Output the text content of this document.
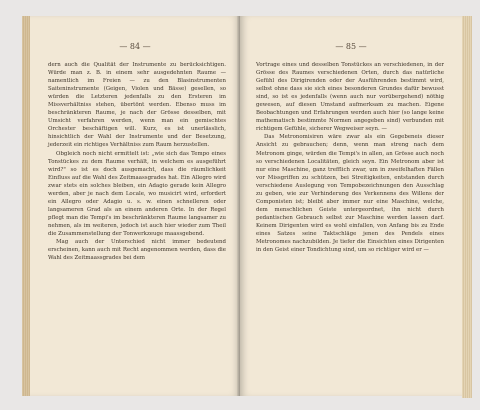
— 84 —

dern auch die Qualität der Instrumente zu berücksichtigen. Würde man z. B. in einem sehr ausgedehnten Raume — namentlich im Freien — zu den Blasinstrumenten Saiteninstrumente (Geigen, Violen und Bässe) gesellen, so würden die Letzteren jedenfalls zu den Ersteren im Missverhältniss stehen, übertönt werden. Ebenso muss im beschränkteren Raume, je nach der Grösse desselben, mit Umsicht verfahren werden, wenn man ein gemischtes Orchester beschäftigen will. Kurz, es ist unerlässlich, hinsichtlich der Wahl der Instrumente und der Besetzung, jederzeit ein richtiges Verhältniss zum Raum herzustellen.

Obgleich noch nicht ermittelt ist: „wie sich das Tempo eines Tonstückes zu dem Raume verhält, in welchem es ausgeführt wird?" so ist es doch ausgemacht, dass die räumlichkeit Einfluss auf die Wahl des Zeitmaassgrades hat. Ein Allegro wird zwar stets ein solches bleiben, ein Adagio gerade kein Allegro werden, aber je nach dem Locale, wo musicirt wird, erfordert ein Allegro oder Adagio u. s. w. einen schnelleren oder langsameren Grad als an einem anderen Orte. In der Regel pflegt man die Tempi's im beschränkteren Raume langsamer zu nehmen, als im weiteren, jedoch ist auch hier wieder zum Theil die Zusammenstellung der Tonwerkzeuge maassgebend.

Mag auch der Unterschied nicht immer bedeutend erscheinen, kann auch mit Recht angenommen werden, dass die Wahl des Zeitmaassgrades bei dem

— 85 —

Vortrage eines und desselben Tonstückes an verschiedenen, in der Grösse des Raumes verschiedenen Orten, durch das natürliche Gefühl des Dirigirenden oder der Ausführenden bestimmt wird, selbst ohne dass sie sich eines besonderen Grundes dafür bewusst sind, so ist es jedenfalls (wenn auch nur vorübergehend) nöthig gewesen, auf diesen Umstand aufmerksam zu machen. Eigene Beobachtungen und Erfahrungen werden auch hier (so lange keine mathematisch bestimmte Normen angegeben sind) verbunden mit richtigem Gefühle, sicherer Wegweiser seyn. —

Das Metronomisiren wäre zwar als ein Gegebeneis dieser Ansicht zu gebrauchen; denn, wenn man streng nach dem Metronom ginge, würden die Tempi's in allen, an Grösse auch noch so verschiedenen Localitäten, gleich seyn. Ein Metronom aber ist nur eine Maschine, ganz trefflich zwar, um in zweifelhaften Fällen vor Missgriffen zu schützen, bei Streitigkeiten, entstanden durch verschiedene Auslegung von Tempobezeichnungen den Ausschlag zu geben, wie zur Verhinderung des Verkennens des Willens der Componisten ist; bleibt aber immer nur eine Maschine, welche, dem menschlichen Geiste untergeordnet, ihn nicht durch pedantischen Gebrauch selbst zur Maschine werden lassen darf. Keinem Dirigenten wird es wohl einfallen, von Anfang bis zu Ende eines Satzes seine Taktschläge jenen des Pendels eines Metronomes nachzubilden. Je tiefer die Einsichten eines Dirigenten in den Geist einer Tondichtung sind, um so richtiger wird er —
